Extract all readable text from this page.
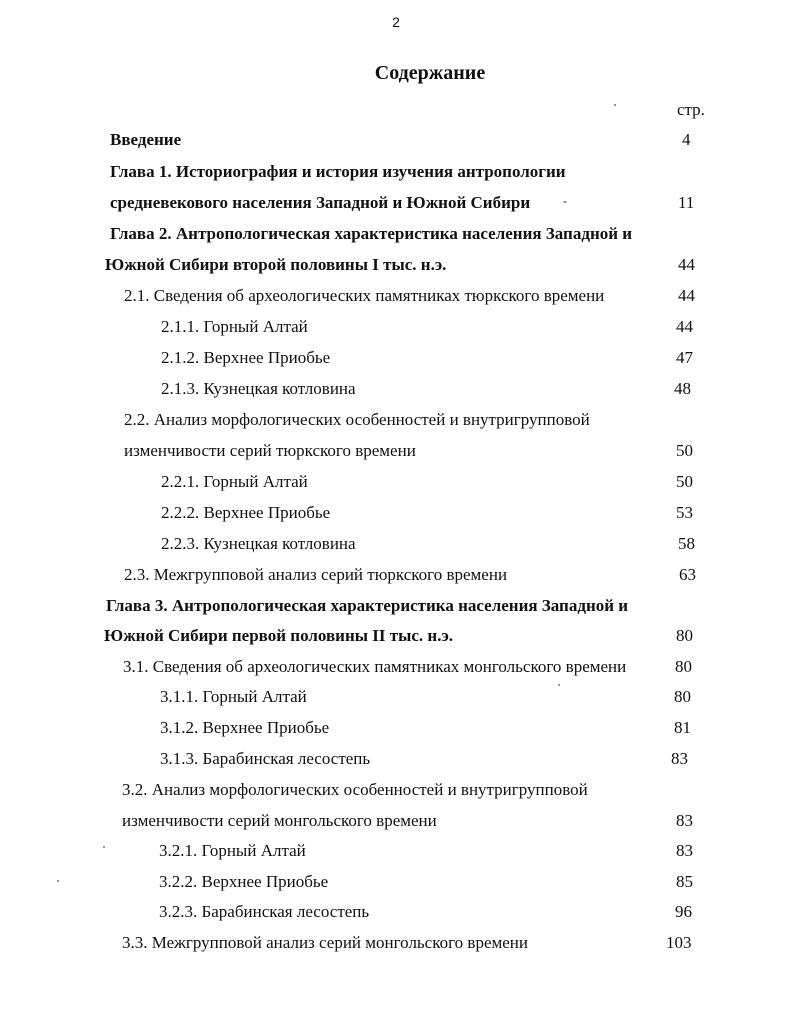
2
Содержание
стр.
Введение	4
Глава 1. Историография и история изучения антропологии
средневекового населения Западной и Южной Сибири	-	11
Глава 2. Антропологическая характеристика населения Западной и
Южной Сибири второй половины I тыс. н.э.	44
2.1. Сведения об археологических памятниках тюркского времени	44
2.1.1. Горный Алтай	44
2.1.2. Верхнее Приобье	47
2.1.3. Кузнецкая котловина	48
2.2. Анализ морфологических особенностей и внутригрупповой
изменчивости серий тюркского времени	50
2.2.1. Горный Алтай	50
2.2.2. Верхнее Приобье	53
2.2.3. Кузнецкая котловина	58
2.3. Межгрупповой анализ серий тюркского времени	63
Глава 3. Антропологическая характеристика населения Западной и
Южной Сибири первой половины II тыс. н.э.	80
3.1. Сведения об археологических памятниках монгольского времени	80
3.1.1. Горный Алтай	80
3.1.2. Верхнее Приобье	81
3.1.3. Барабинская лесостепь	83
3.2. Анализ морфологических особенностей и внутригрупповой
изменчивости серий монгольского времени	83
3.2.1. Горный Алтай	83
3.2.2. Верхнее Приобье	85
3.2.3. Барабинская лесостепь	96
3.3. Межгрупповой анализ серий монгольского времени	103
